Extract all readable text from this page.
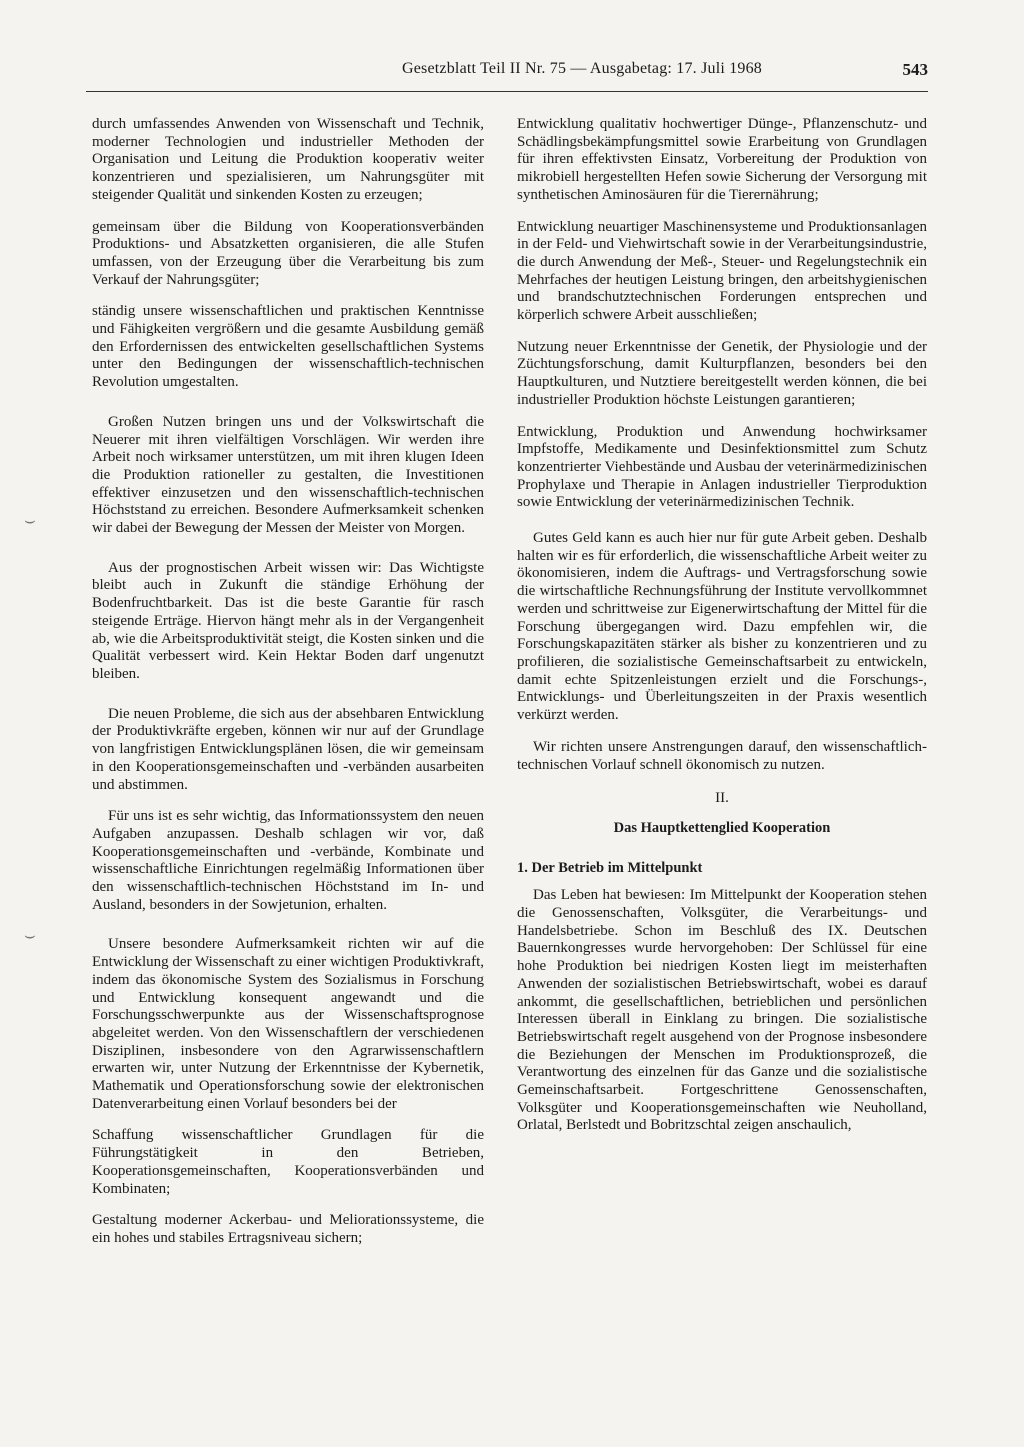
Gesetzblatt Teil II Nr. 75 — Ausgabetag: 17. Juli 1968	543
⌣
⌣

durch umfassendes Anwenden von Wissenschaft und Technik, moderner Technologien und industrieller Methoden der Organisation und Leitung die Produktion kooperativ weiter konzentrieren und spezialisieren, um Nahrungsgüter mit steigender Qualität und sinkenden Kosten zu erzeugen;

gemeinsam über die Bildung von Kooperationsverbänden Produktions- und Absatzketten organisieren, die alle Stufen umfassen, von der Erzeugung über die Verarbeitung bis zum Verkauf der Nahrungsgüter;

ständig unsere wissenschaftlichen und praktischen Kenntnisse und Fähigkeiten vergrößern und die gesamte Ausbildung gemäß den Erfordernissen des entwickelten gesellschaftlichen Systems unter den Bedingungen der wissenschaftlich-technischen Revolution umgestalten.

Großen Nutzen bringen uns und der Volkswirtschaft die Neuerer mit ihren vielfältigen Vorschlägen. Wir werden ihre Arbeit noch wirksamer unterstützen, um mit ihren klugen Ideen die Produktion rationeller zu gestalten, die Investitionen effektiver einzusetzen und den wissenschaftlich-technischen Höchststand zu erreichen. Besondere Aufmerksamkeit schenken wir dabei der Bewegung der Messen der Meister von Morgen.

Aus der prognostischen Arbeit wissen wir: Das Wichtigste bleibt auch in Zukunft die ständige Erhöhung der Bodenfruchtbarkeit. Das ist die beste Garantie für rasch steigende Erträge. Hiervon hängt mehr als in der Vergangenheit ab, wie die Arbeitsproduktivität steigt, die Kosten sinken und die Qualität verbessert wird. Kein Hektar Boden darf ungenutzt bleiben.

Die neuen Probleme, die sich aus der absehbaren Entwicklung der Produktivkräfte ergeben, können wir nur auf der Grundlage von langfristigen Entwicklungsplänen lösen, die wir gemeinsam in den Kooperationsgemeinschaften und -verbänden ausarbeiten und abstimmen.

Für uns ist es sehr wichtig, das Informationssystem den neuen Aufgaben anzupassen. Deshalb schlagen wir vor, daß Kooperationsgemeinschaften und -verbände, Kombinate und wissenschaftliche Einrichtungen regelmäßig Informationen über den wissenschaftlich-technischen Höchststand im In- und Ausland, besonders in der Sowjetunion, erhalten.

Unsere besondere Aufmerksamkeit richten wir auf die Entwicklung der Wissenschaft zu einer wichtigen Produktivkraft, indem das ökonomische System des Sozialismus in Forschung und Entwicklung konsequent angewandt und die Forschungsschwerpunkte aus der Wissenschaftsprognose abgeleitet werden. Von den Wissenschaftlern der verschiedenen Disziplinen, insbesondere von den Agrarwissenschaftlern erwarten wir, unter Nutzung der Erkenntnisse der Kybernetik, Mathematik und Operationsforschung sowie der elektronischen Datenverarbeitung einen Vorlauf besonders bei der

Schaffung wissenschaftlicher Grundlagen für die Führungstätigkeit in den Betrieben, Kooperationsgemeinschaften, Kooperationsverbänden und Kombinaten;

Gestaltung moderner Ackerbau- und Meliorationssysteme, die ein hohes und stabiles Ertragsniveau sichern;

Entwicklung qualitativ hochwertiger Dünge-, Pflanzenschutz- und Schädlingsbekämpfungsmittel sowie Erarbeitung von Grundlagen für ihren effektivsten Einsatz, Vorbereitung der Produktion von mikrobiell hergestellten Hefen sowie Sicherung der Versorgung mit synthetischen Aminosäuren für die Tierernährung;

Entwicklung neuartiger Maschinensysteme und Produktionsanlagen in der Feld- und Viehwirtschaft sowie in der Verarbeitungsindustrie, die durch Anwendung der Meß-, Steuer- und Regelungstechnik ein Mehrfaches der heutigen Leistung bringen, den arbeitshygienischen und brandschutztechnischen Forderungen entsprechen und körperlich schwere Arbeit ausschließen;

Nutzung neuer Erkenntnisse der Genetik, der Physiologie und der Züchtungsforschung, damit Kulturpflanzen, besonders bei den Hauptkulturen, und Nutztiere bereitgestellt werden können, die bei industrieller Produktion höchste Leistungen garantieren;

Entwicklung, Produktion und Anwendung hochwirksamer Impfstoffe, Medikamente und Desinfektionsmittel zum Schutz konzentrierter Viehbestände und Ausbau der veterinärmedizinischen Prophylaxe und Therapie in Anlagen industrieller Tierproduktion sowie Entwicklung der veterinärmedizinischen Technik.

Gutes Geld kann es auch hier nur für gute Arbeit geben. Deshalb halten wir es für erforderlich, die wissenschaftliche Arbeit weiter zu ökonomisieren, indem die Auftrags- und Vertragsforschung sowie die wirtschaftliche Rechnungsführung der Institute vervollkommnet werden und schrittweise zur Eigenerwirtschaftung der Mittel für die Forschung übergegangen wird. Dazu empfehlen wir, die Forschungskapazitäten stärker als bisher zu konzentrieren und zu profilieren, die sozialistische Gemeinschaftsarbeit zu entwickeln, damit echte Spitzenleistungen erzielt und die Forschungs-, Entwicklungs- und Überleitungszeiten in der Praxis wesentlich verkürzt werden.

Wir richten unsere Anstrengungen darauf, den wissenschaftlich-technischen Vorlauf schnell ökonomisch zu nutzen.

II.
Das Hauptkettenglied Kooperation
1. Der Betrieb im Mittelpunkt

Das Leben hat bewiesen: Im Mittelpunkt der Kooperation stehen die Genossenschaften, Volksgüter, die Verarbeitungs- und Handelsbetriebe. Schon im Beschluß des IX. Deutschen Bauernkongresses wurde hervorgehoben: Der Schlüssel für eine hohe Produktion bei niedrigen Kosten liegt im meisterhaften Anwenden der sozialistischen Betriebswirtschaft, wobei es darauf ankommt, die gesellschaftlichen, betrieblichen und persönlichen Interessen überall in Einklang zu bringen. Die sozialistische Betriebswirtschaft regelt ausgehend von der Prognose insbesondere die Beziehungen der Menschen im Produktionsprozeß, die Verantwortung des einzelnen für das Ganze und die sozialistische Gemeinschaftsarbeit. Fortgeschrittene Genossenschaften, Volksgüter und Kooperationsgemeinschaften wie Neuholland, Orlatal, Berlstedt und Bobritzschtal zeigen anschaulich,
